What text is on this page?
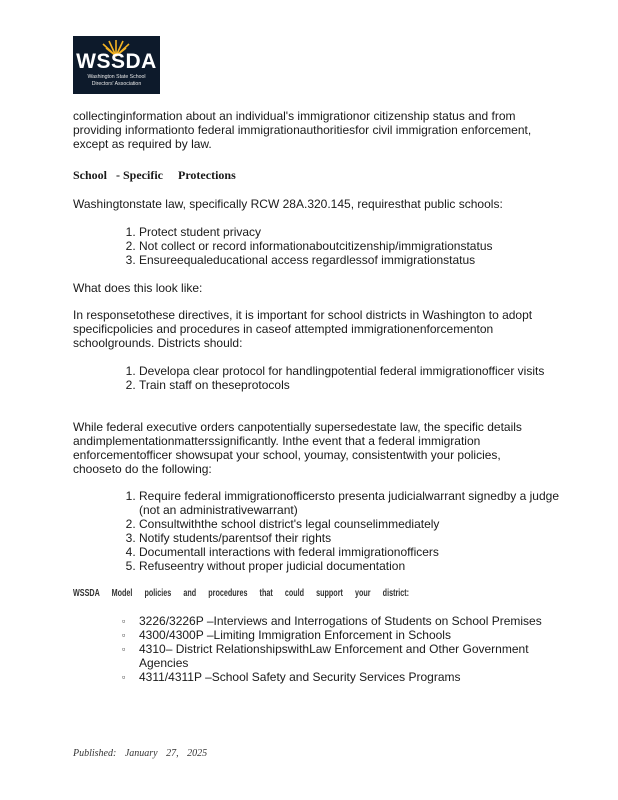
WSSDA
Washington State School
Directors' Association
collectinginformation about an individual's immigrationor citizenship status and from providing informationto federal immigrationauthoritiesfor civil immigration enforcement, except as required by law.
School   - Specific     Protections
Washingtonstate law, specifically RCW 28A.320.145, requiresthat public schools:
1. Protect student privacy
2. Not collect or record informationaboutcitizenship/immigrationstatus
3. Ensureequaleducational access regardlessof immigrationstatus
What does this look like:
In responsetothese directives, it is important for school districts in Washington to adopt specificpolicies and procedures in caseof attempted immigrationenforcementon schoolgrounds. Districts should:
1. Developa clear protocol for handlingpotential federal immigrationofficer visits
2. Train staff on theseprotocols
While federal executive orders canpotentially supersedestate law, the specific details andimplementationmatterssignificantly. Inthe event that a federal immigration enforcementofficer showsupat your school, youmay, consistentwith your policies, chooseto do the following:
1. Require federal immigrationofficersto presenta judicialwarrant signedby a judge (not an administrativewarrant)
2. Consultwiththe school district's legal counselimmediately
3. Notify students/parentsof their rights
4. Documentall interactions with federal immigrationofficers
5. Refuseentry without proper judicial documentation
WSSDA Model policies and procedures that could support your district:
▫ 3226/3226P –Interviews and Interrogations of Students on School Premises
▫ 4300/4300P –Limiting Immigration Enforcement in Schools
▫ 4310– District RelationshipswithLaw Enforcement and Other Government Agencies
▫ 4311/4311P –School Safety and Security Services Programs
Published: January 27, 2025
